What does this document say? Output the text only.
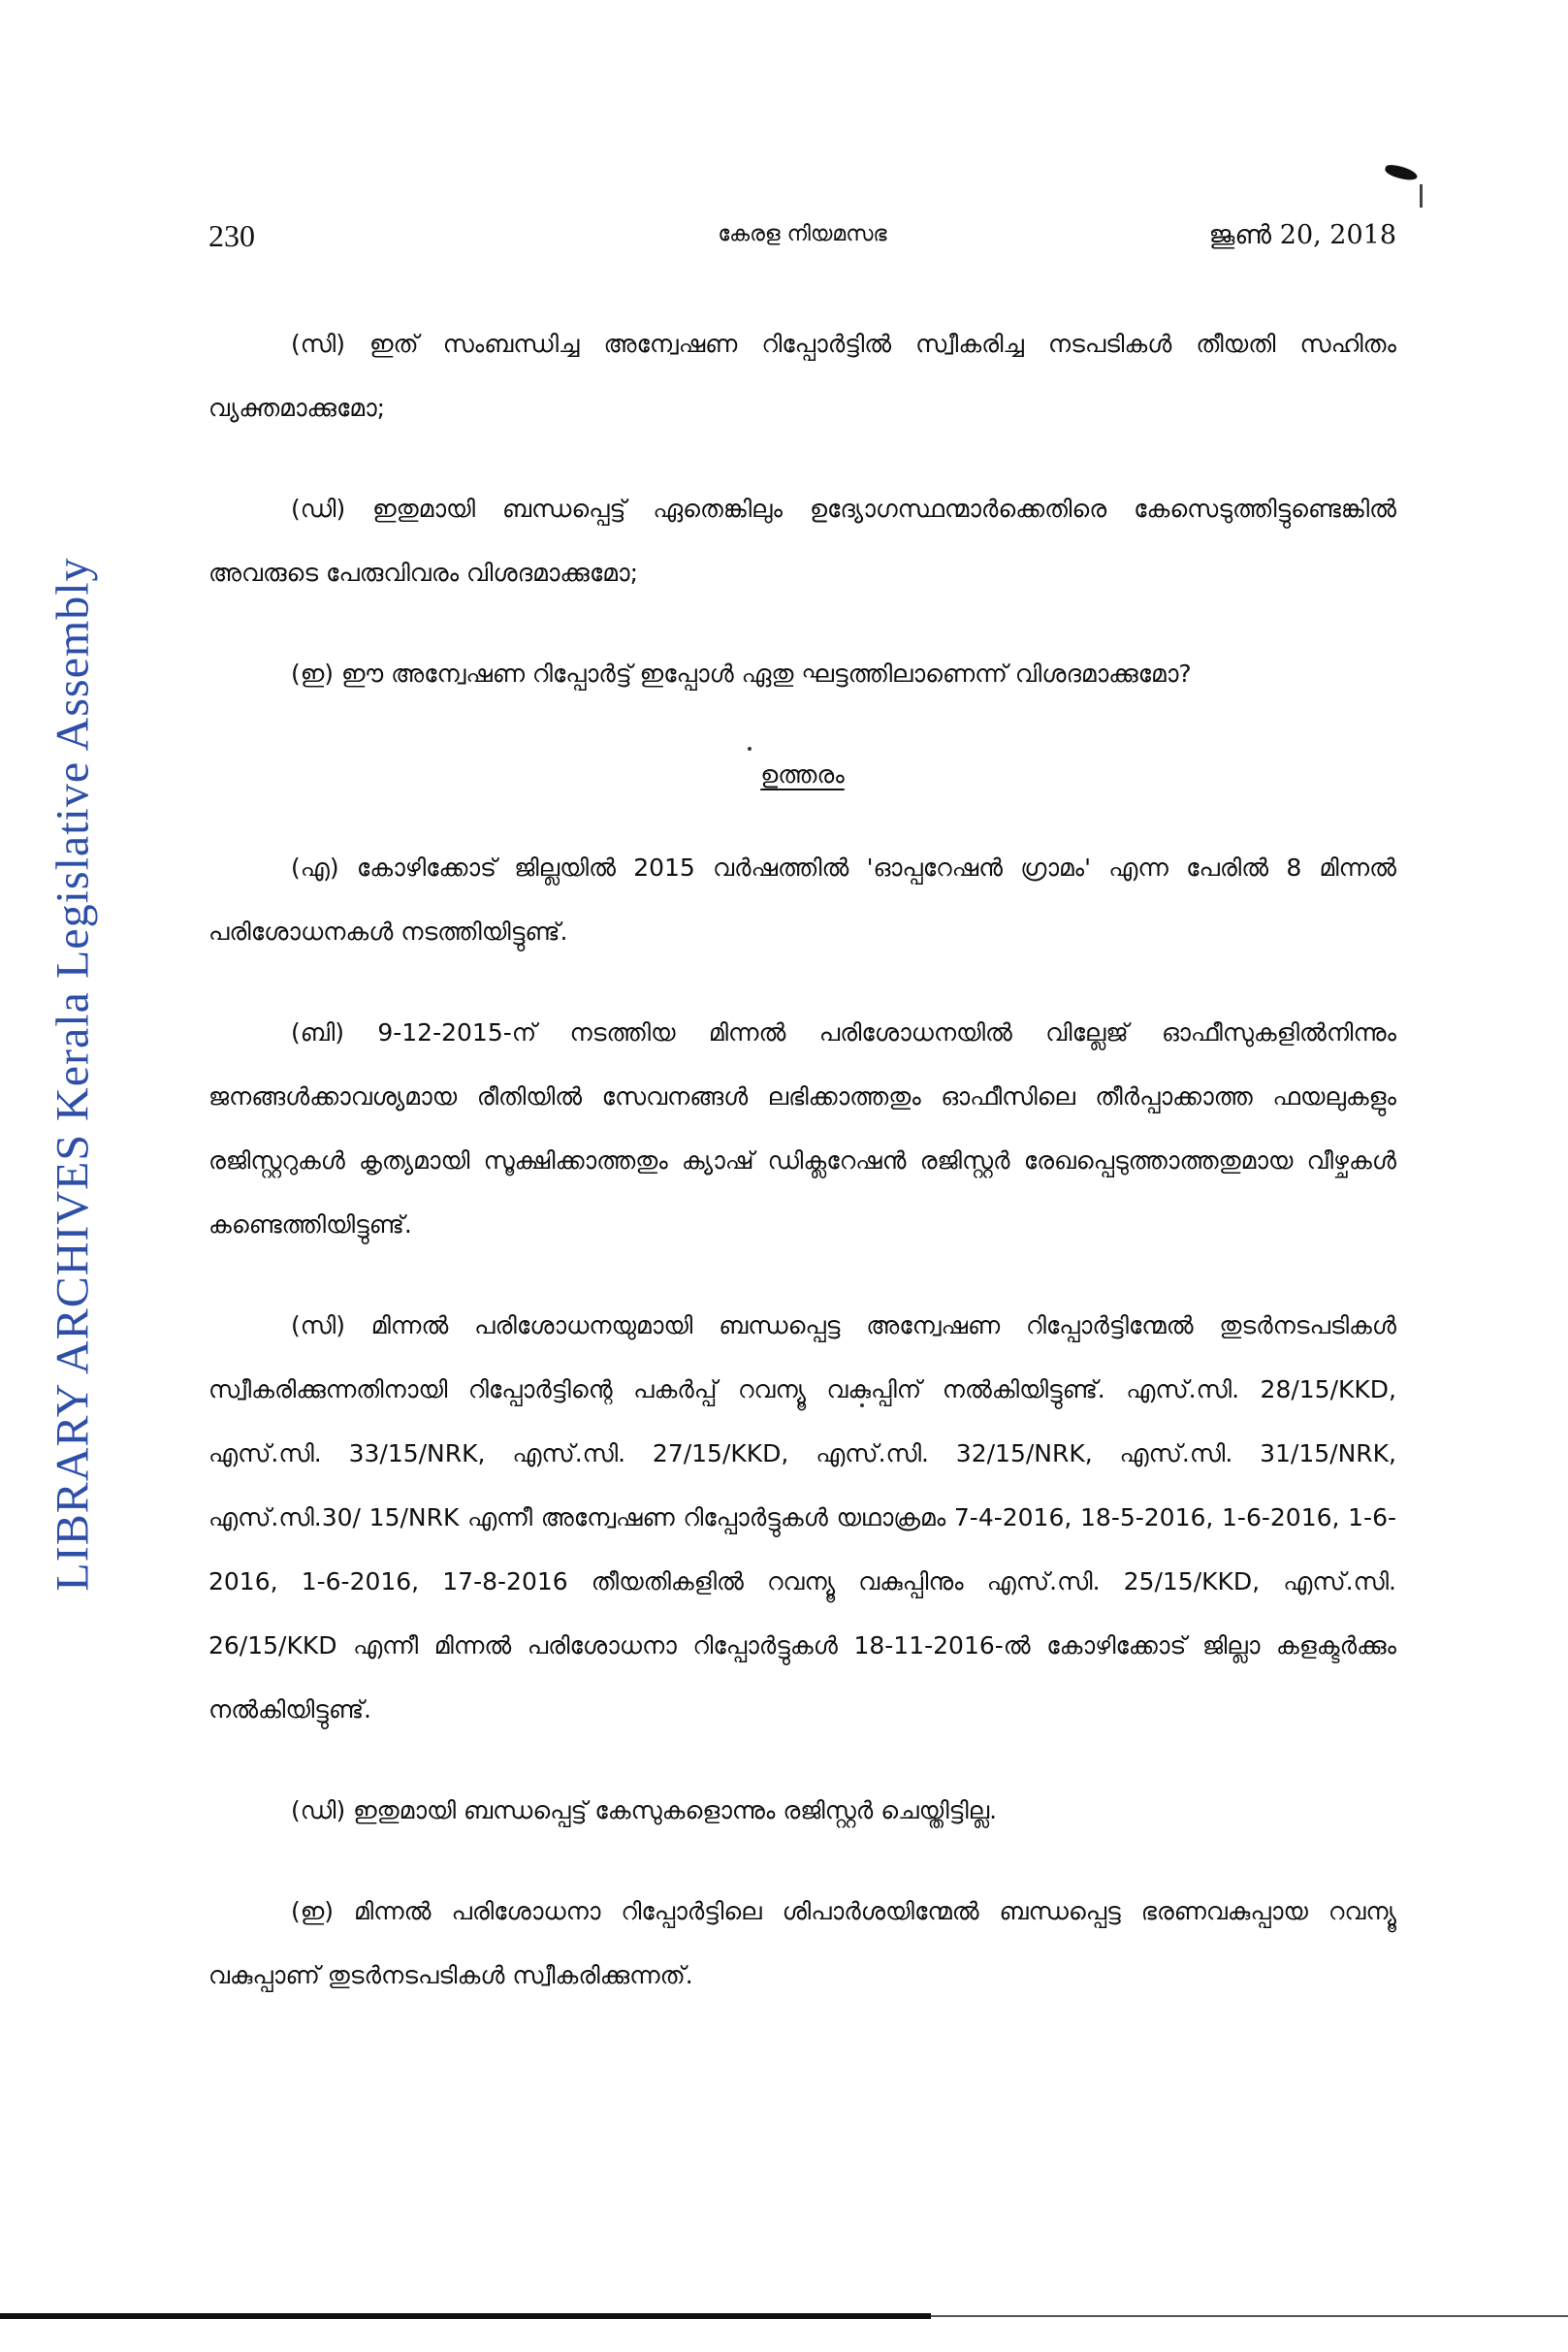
LIBRARY ARCHIVES Kerala Legislative Assembly
230	കേരള നിയമസഭ	ജൂൺ 20, 2018

(സി) ഇത് സംബന്ധിച്ച അന്വേഷണ റിപ്പോർട്ടിൽ സ്വീകരിച്ച നടപടികൾ തീയതി സഹിതം വ്യക്തമാക്കുമോ;

(ഡി) ഇതുമായി ബന്ധപ്പെട്ട് ഏതെങ്കിലും ഉദ്യോഗസ്ഥന്മാർക്കെതിരെ കേസെടുത്തിട്ടുണ്ടെങ്കിൽ അവരുടെ പേരുവിവരം വിശദമാക്കുമോ;

(ഇ) ഈ അന്വേഷണ റിപ്പോർട്ട് ഇപ്പോൾ ഏതു ഘട്ടത്തിലാണെന്ന് വിശദമാക്കുമോ?

ഉത്തരം

(എ) കോഴിക്കോട് ജില്ലയിൽ 2015 വർഷത്തിൽ 'ഓപ്പറേഷൻ ഗ്രാമം' എന്ന പേരിൽ 8 മിന്നൽ പരിശോധനകൾ നടത്തിയിട്ടുണ്ട്.

(ബി) 9-12-2015-ന് നടത്തിയ മിന്നൽ പരിശോധനയിൽ വില്ലേജ് ഓഫീസുകളിൽനിന്നും ജനങ്ങൾക്കാവശ്യമായ രീതിയിൽ സേവനങ്ങൾ ലഭിക്കാത്തതും ഓഫീസിലെ തീർപ്പാക്കാത്ത ഫയലുകളും രജിസ്റ്ററുകൾ കൃത്യമായി സൂക്ഷിക്കാത്തതും ക്യാഷ് ഡിക്ലറേഷൻ രജിസ്റ്റർ രേഖപ്പെടുത്താത്തതുമായ വീഴ്ചകൾ കണ്ടെത്തിയിട്ടുണ്ട്.

(സി) മിന്നൽ പരിശോധനയുമായി ബന്ധപ്പെട്ട അന്വേഷണ റിപ്പോർട്ടിന്മേൽ തുടർനടപടികൾ സ്വീകരിക്കുന്നതിനായി റിപ്പോർട്ടിന്റെ പകർപ്പ് റവന്യൂ വകുപ്പിന് നൽകിയിട്ടുണ്ട്. എസ്.സി. 28/15/KKD, എസ്.സി. 33/15/NRK, എസ്.സി. 27/15/KKD, എസ്.സി. 32/15/NRK, എസ്.സി. 31/15/NRK, എസ്.സി.30/ 15/NRK എന്നീ അന്വേഷണ റിപ്പോർട്ടുകൾ യഥാക്രമം 7-4-2016, 18-5-2016, 1-6-2016, 1-6-2016, 1-6-2016, 17-8-2016 തീയതികളിൽ റവന്യൂ വകുപ്പിനും എസ്.സി. 25/15/KKD, എസ്.സി. 26/15/KKD എന്നീ മിന്നൽ പരിശോധനാ റിപ്പോർട്ടുകൾ 18-11-2016-ൽ കോഴിക്കോട് ജില്ലാ കളക്ടർക്കും നൽകിയിട്ടുണ്ട്.

(ഡി) ഇതുമായി ബന്ധപ്പെട്ട് കേസുകളൊന്നും രജിസ്റ്റർ ചെയ്തിട്ടില്ല.

(ഇ) മിന്നൽ പരിശോധനാ റിപ്പോർട്ടിലെ ശിപാർശയിന്മേൽ ബന്ധപ്പെട്ട ഭരണവകുപ്പായ റവന്യൂ വകുപ്പാണ് തുടർനടപടികൾ സ്വീകരിക്കുന്നത്.
